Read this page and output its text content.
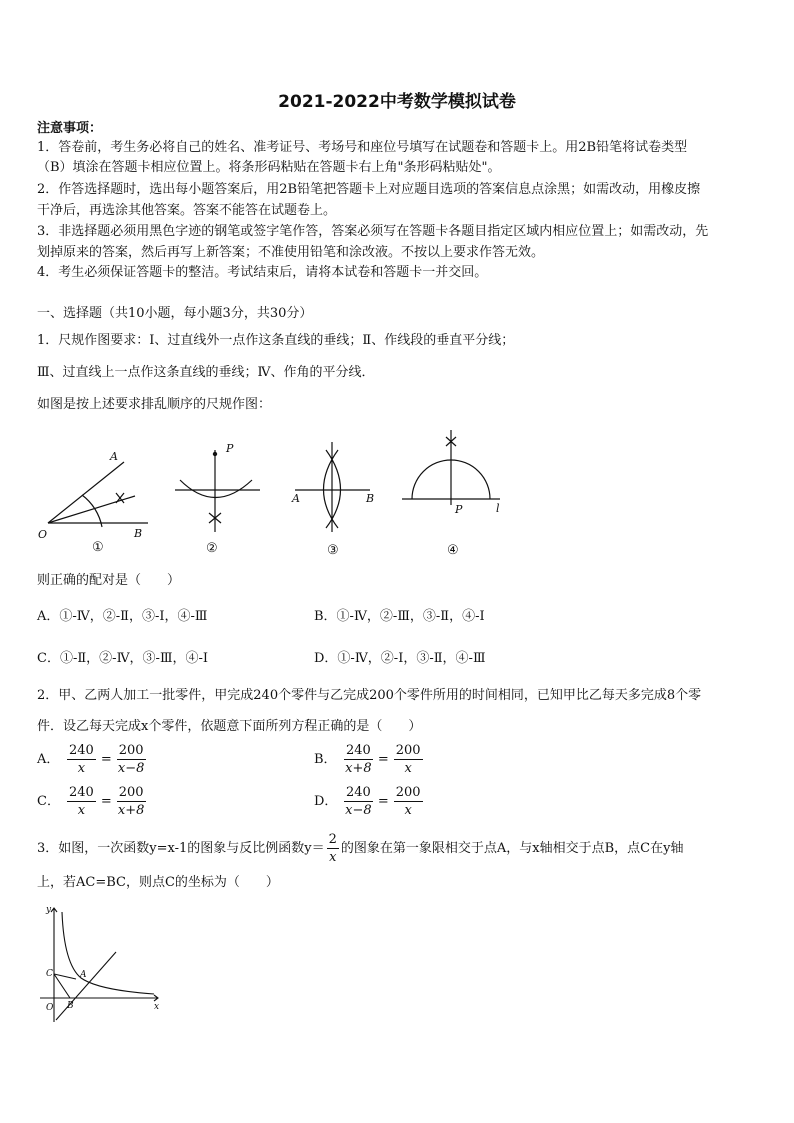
2021-2022中考数学模拟试卷
注意事项：
1．答卷前，考生务必将自己的姓名、准考证号、考场号和座位号填写在试题卷和答题卡上。用2B铅笔将试卷类型
（B）填涂在答题卡相应位置上。将条形码粘贴在答题卡右上角"条形码粘贴处"。
2．作答选择题时，选出每小题答案后，用2B铅笔把答题卡上对应题目选项的答案信息点涂黑；如需改动，用橡皮擦
干净后，再选涂其他答案。答案不能答在试题卷上。
3．非选择题必须用黑色字迹的钢笔或签字笔作答，答案必须写在答题卡各题目指定区域内相应位置上；如需改动，先
划掉原来的答案，然后再写上新答案；不准使用铅笔和涂改液。不按以上要求作答无效。
4．考生必须保证答题卡的整洁。考试结束后，请将本试卷和答题卡一并交回。
一、选择题（共10小题，每小题3分，共30分）
1．尺规作图要求：Ⅰ、过直线外一点作这条直线的垂线；Ⅱ、作线段的垂直平分线；
Ⅲ、过直线上一点作这条直线的垂线；Ⅳ、作角的平分线．
如图是按上述要求排乱顺序的尺规作图：
A
O	B
P
A	B
P	l
①	②	③	④
则正确的配对是（　　）
A．①-Ⅳ，②-Ⅱ，③-Ⅰ，④-Ⅲ	B．①-Ⅳ，②-Ⅲ，③-Ⅱ，④-Ⅰ
C．①-Ⅱ，②-Ⅳ，③-Ⅲ，④-Ⅰ	D．①-Ⅳ，②-Ⅰ，③-Ⅱ，④-Ⅲ
2．甲、乙两人加工一批零件，甲完成240个零件与乙完成200个零件所用的时间相同，已知甲比乙每天多完成8个零
件．设乙每天完成x个零件，依题意下面所列方程正确的是（　　）
A． $\frac{240}{x} = \frac{200}{x-8}$	B． $\frac{240}{x+8} = \frac{200}{x}$
C． $\frac{240}{x} = \frac{200}{x+8}$	D． $\frac{240}{x-8} = \frac{200}{x}$
3．如图，一次函数y=x-1的图象与反比例函数$y= \frac{2}{x}$ 的图象在第一象限相交于点A，与x轴相交于点B，点C在y轴
上，若AC=BC，则点C的坐标为（　　）
y
x
O B
C	A
